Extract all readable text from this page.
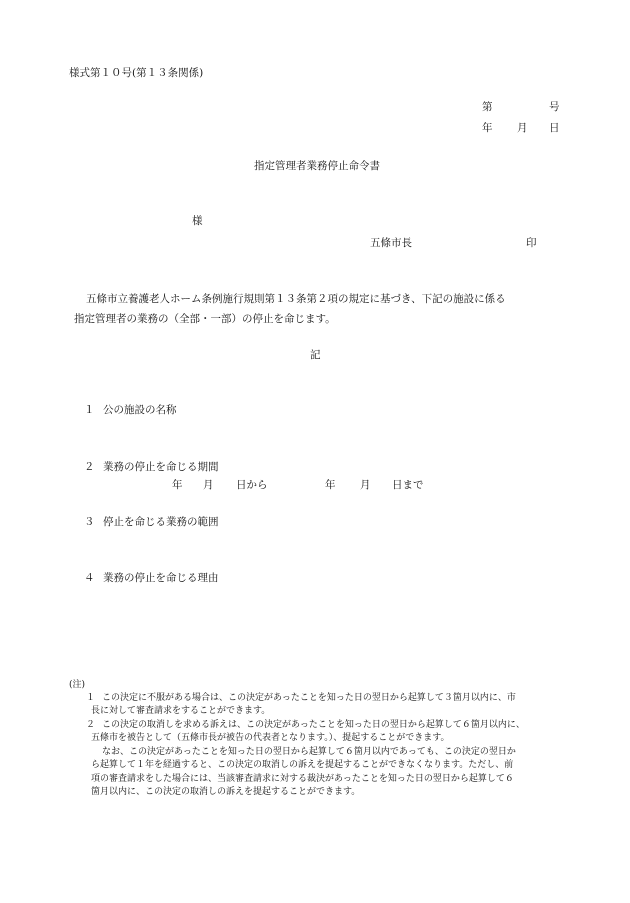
様式第１０号(第１３条関係)
第	号
年 月 日
指定管理者業務停止命令書
様
五條市長	印
五條市立養護老人ホーム条例施行規則第１３条第２項の規定に基づき、下記の施設に係る
指定管理者の業務の（全部・一部）の停止を命じます。
記
１ 公の施設の名称
２ 業務の停止を命じる期間
年 月 日から	年 月 日まで
３ 停止を命じる業務の範囲
４ 業務の停止を命じる理由
(注)
１ この決定に不服がある場合は、この決定があったことを知った日の翌日から起算して３箇月以内に、市
長に対して審査請求をすることができます。
２ この決定の取消しを求める訴えは、この決定があったことを知った日の翌日から起算して６箇月以内に、
五條市を被告として（五條市長が被告の代表者となります。）、提起することができます。
なお、この決定があったことを知った日の翌日から起算して６箇月以内であっても、この決定の翌日か
ら起算して１年を経過すると、この決定の取消しの訴えを提起することができなくなります。ただし、前
項の審査請求をした場合には、当該審査請求に対する裁決があったことを知った日の翌日から起算して６
箇月以内に、この決定の取消しの訴えを提起することができます。
